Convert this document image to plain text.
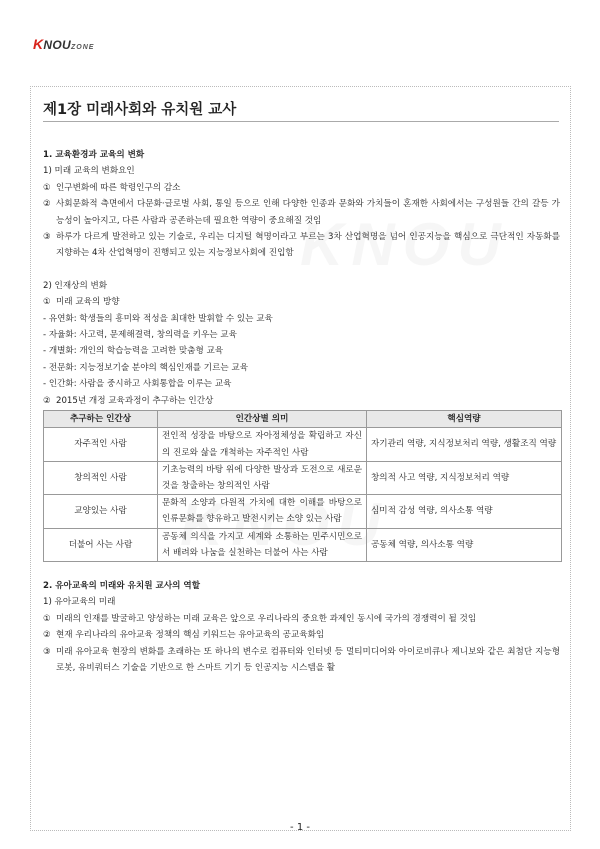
KNOUZONE
제1장 미래사회와 유치원 교사
1. 교육환경과 교육의 변화
1) 미래 교육의 변화요인
① 인구변화에 따른 학령인구의 감소
② 사회문화적 측면에서 다문화·글로벌 사회, 통일 등으로 인해 다양한 인종과 문화와 가치들이 혼재한 사회에서는 구성원들 간의 갈등 가능성이 높아지고, 다른 사람과 공존하는데 필요한 역량이 중요해질 것임
③ 하루가 다르게 발전하고 있는 기술로, 우리는 디지털 혁명이라고 부르는 3차 산업혁명을 넘어 인공지능을 핵심으로 극단적인 자동화를 지향하는 4차 산업혁명이 진행되고 있는 지능정보사회에 진입함
2) 인재상의 변화
① 미래 교육의 방향
- 유연화: 학생들의 흥미와 적성을 최대한 발휘할 수 있는 교육
- 자율화: 사고력, 문제해결력, 창의력을 키우는 교육
- 개별화: 개인의 학습능력을 고려한 맞춤형 교육
- 전문화: 지능정보기술 분야의 핵심인재를 기르는 교육
- 인간화: 사람을 중시하고 사회통합을 이루는 교육
② 2015년 개정 교육과정이 추구하는 인간상
추구하는 인간상	인간상별 의미	핵심역량
자주적인 사람	전인적 성장을 바탕으로 자아정체성을 확립하고 자신의 진로와 삶을 개척하는 자주적인 사람	자기관리 역량, 지식정보처리 역량, 생활조직 역량
창의적인 사람	기초능력의 바탕 위에 다양한 발상과 도전으로 새로운 것을 창출하는 창의적인 사람	창의적 사고 역량, 지식정보처리 역량
교양있는 사람	문화적 소양과 다원적 가치에 대한 이해를 바탕으로 인류문화를 향유하고 발전시키는 소양 있는 사람	심미적 감성 역량, 의사소통 역량
더불어 사는 사람	공동체 의식을 가지고 세계와 소통하는 민주시민으로서 배려와 나눔을 실천하는 더불어 사는 사람	공동체 역량, 의사소통 역량
2. 유아교육의 미래와 유치원 교사의 역할
1) 유아교육의 미래
① 미래의 인재를 발굴하고 양성하는 미래 교육은 앞으로 우리나라의 중요한 과제인 동시에 국가의 경쟁력이 될 것임
② 현재 우리나라의 유아교육 정책의 핵심 키워드는 유아교육의 공교육화임
③ 미래 유아교육 현장의 변화를 초래하는 또 하나의 변수로 컴퓨터와 인터넷 등 멀티미디어와 아이로비큐나 제니보와 같은 최첨단 지능형 로봇, 유비쿼터스 기술을 기반으로 한 스마트 기기 등 인공지능 시스템을 활
- 1 -
